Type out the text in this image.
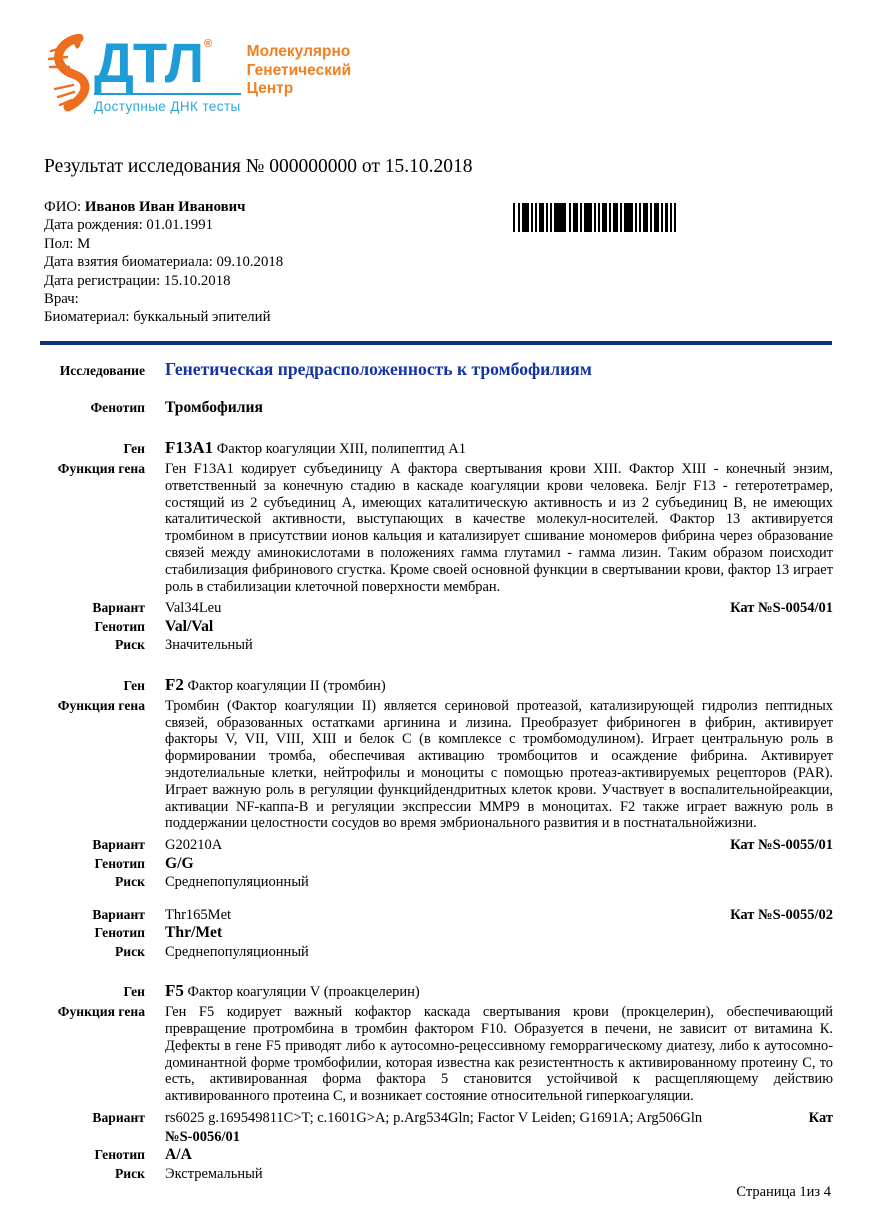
ДТЛ ®
Доступные ДНК тесты
Молекулярно
Генетический
Центр
Результат исследования № 000000000 от 15.10.2018
ФИО: Иванов Иван Иванович
Дата рождения: 01.01.1991
Пол: М
Дата взятия биоматериала: 09.10.2018
Дата регистрации: 15.10.2018
Врач:
Биоматериал: буккальный эпителий
Исследование Генетическая предрасположенность к тромбофилиям
Фенотип Тромбофилия
Ген F13A1 Фактор коагуляции XIII, полипептид А1
Функция гена Ген F13A1 кодирует субъединицу А фактора свертывания крови XIII. Фактор XIII - конечный энзим, ответственный за конечную стадию в каскаде коагуляции крови человека. Белjr F13 - гетеротетрамер, состящий из 2 субъединиц А, имеющих каталитическую активность и из 2 субъединиц В, не имеющих каталитической активности, выступающих в качестве молекул-носителей. Фактор 13 активируется тромбином в присутствии ионов кальция и катализирует сшивание мономеров фибрина через образование связей между аминокислотами в положениях гамма глутамил - гамма лизин. Таким образом поисходит стабилизация фибринового сгустка. Кроме своей основной функции в свертывании крови, фактор 13 играет роль в стабилизации клеточной поверхности мембран.
Вариант Val34Leu	Кат №S-0054/01
Генотип Val/Val
Риск Значительный
Ген F2 Фактор коагуляции II (тромбин)
Функция гена Тромбин (Фактор коагуляции II) является сериновой протеазой, катализирующей гидролиз пептидных связей, образованных остатками аргинина и лизина. Преобразует фибриноген в фибрин, активирует факторы V, VII, VIII, XIII и белок С (в комплексе с тромбомодулином). Играет центральную роль в формировании тромба, обеспечивая активацию тромбоцитов и осаждение фибрина. Активирует эндотелиальные клетки, нейтрофилы и моноциты с помощью протеаз-активируемых рецепторов (PAR). Играет важную роль в регуляции функцийдендритных клеток крови. Участвует в воспалительнойреакции, активации NF-каппа-B и регуляции экспрессии MMP9 в моноцитах. F2 также играет важную роль в поддержании целостности сосудов во время эмбрионального развития и в постнатальнойжизни.
Вариант G20210A	Кат №S-0055/01
Генотип G/G
Риск Среднепопуляционный
Вариант Thr165Met	Кат №S-0055/02
Генотип Thr/Met
Риск Среднепопуляционный
Ген F5 Фактор коагуляции V (проакцелерин)
Функция гена Ген F5 кодирует важный кофактор каскада свертывания крови (прокцелерин), обеспечивающий превращение протромбина в тромбин фактором F10. Образуется в печени, не зависит от витамина К. Дефекты в гене F5 приводят либо к аутосомно-рецессивному геморрагическому диатезу, либо к аутосомно-доминантной форме тромбофилии, которая известна как резистентность к активированному протеину С, то есть, активированная форма фактора 5 становится устойчивой к расщепляющему действию активированного протеина С, и возникает состояние относительной гиперкоагуляции.
Вариант rs6025 g.169549811C>T; c.1601G>A; p.Arg534Gln; Factor V Leiden; G1691A; Arg506Gln	Кат
№S-0056/01
Генотип A/A
Риск Экстремальный
Страница 1из 4
